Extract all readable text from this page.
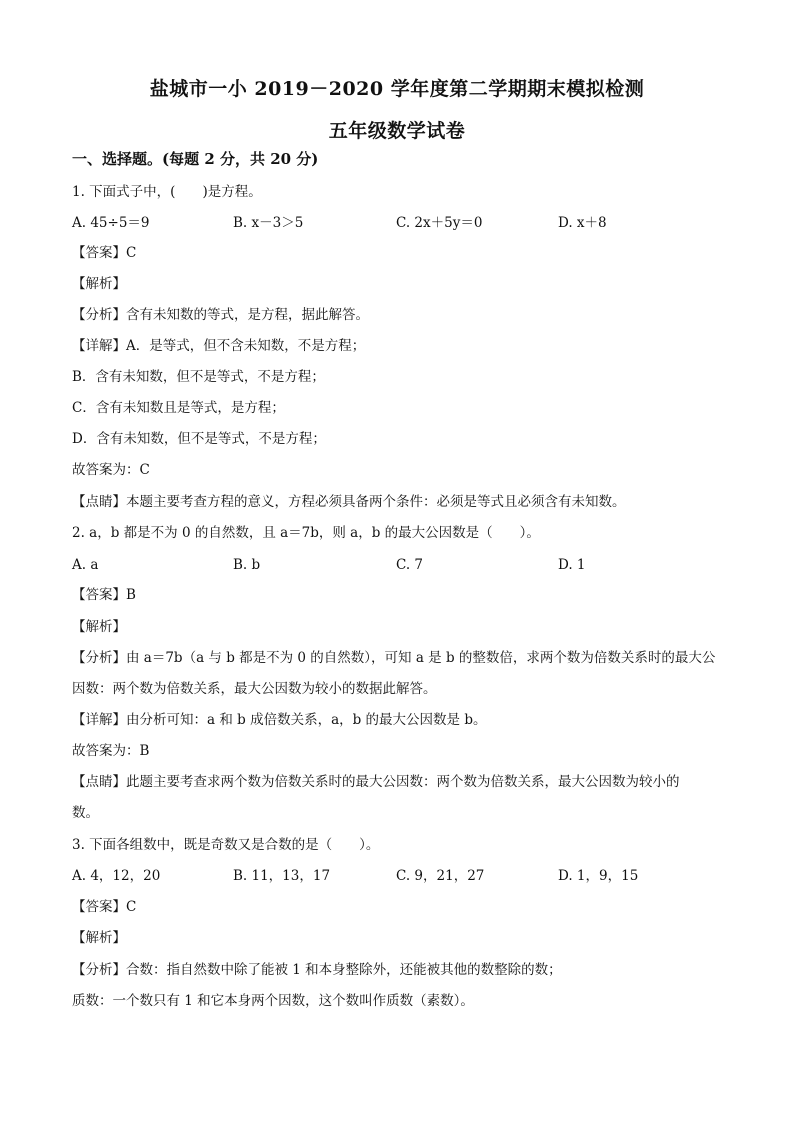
盐城市一小 2019－2020 学年度第二学期期末模拟检测
五年级数学试卷
一、选择题。(每题 2 分，共 20 分)
1. 下面式子中，(　　)是方程。
A. 45÷5＝9	B. x－3＞5	C. 2x＋5y＝0	D. x＋8
【答案】C
【解析】
【分析】含有未知数的等式，是方程，据此解答。
【详解】A．是等式，但不含未知数，不是方程；
B．含有未知数，但不是等式，不是方程；
C．含有未知数且是等式，是方程；
D．含有未知数，但不是等式，不是方程；
故答案为：C
【点睛】本题主要考查方程的意义，方程必须具备两个条件：必须是等式且必须含有未知数。
2. a，b 都是不为 0 的自然数，且 a＝7b，则 a，b 的最大公因数是（　　）。
A. a	B. b	C. 7	D. 1
【答案】B
【解析】
【分析】由 a＝7b（a 与 b 都是不为 0 的自然数），可知 a 是 b 的整数倍，求两个数为倍数关系时的最大公
因数：两个数为倍数关系，最大公因数为较小的数据此解答。
【详解】由分析可知：a 和 b 成倍数关系，a，b 的最大公因数是 b。
故答案为：B
【点睛】此题主要考查求两个数为倍数关系时的最大公因数：两个数为倍数关系，最大公因数为较小的
数。
3. 下面各组数中，既是奇数又是合数的是（　　）。
A. 4，12，20	B. 11，13，17	C. 9，21，27	D. 1，9，15
【答案】C
【解析】
【分析】合数：指自然数中除了能被 1 和本身整除外，还能被其他的数整除的数；
质数：一个数只有 1 和它本身两个因数，这个数叫作质数（素数）。
